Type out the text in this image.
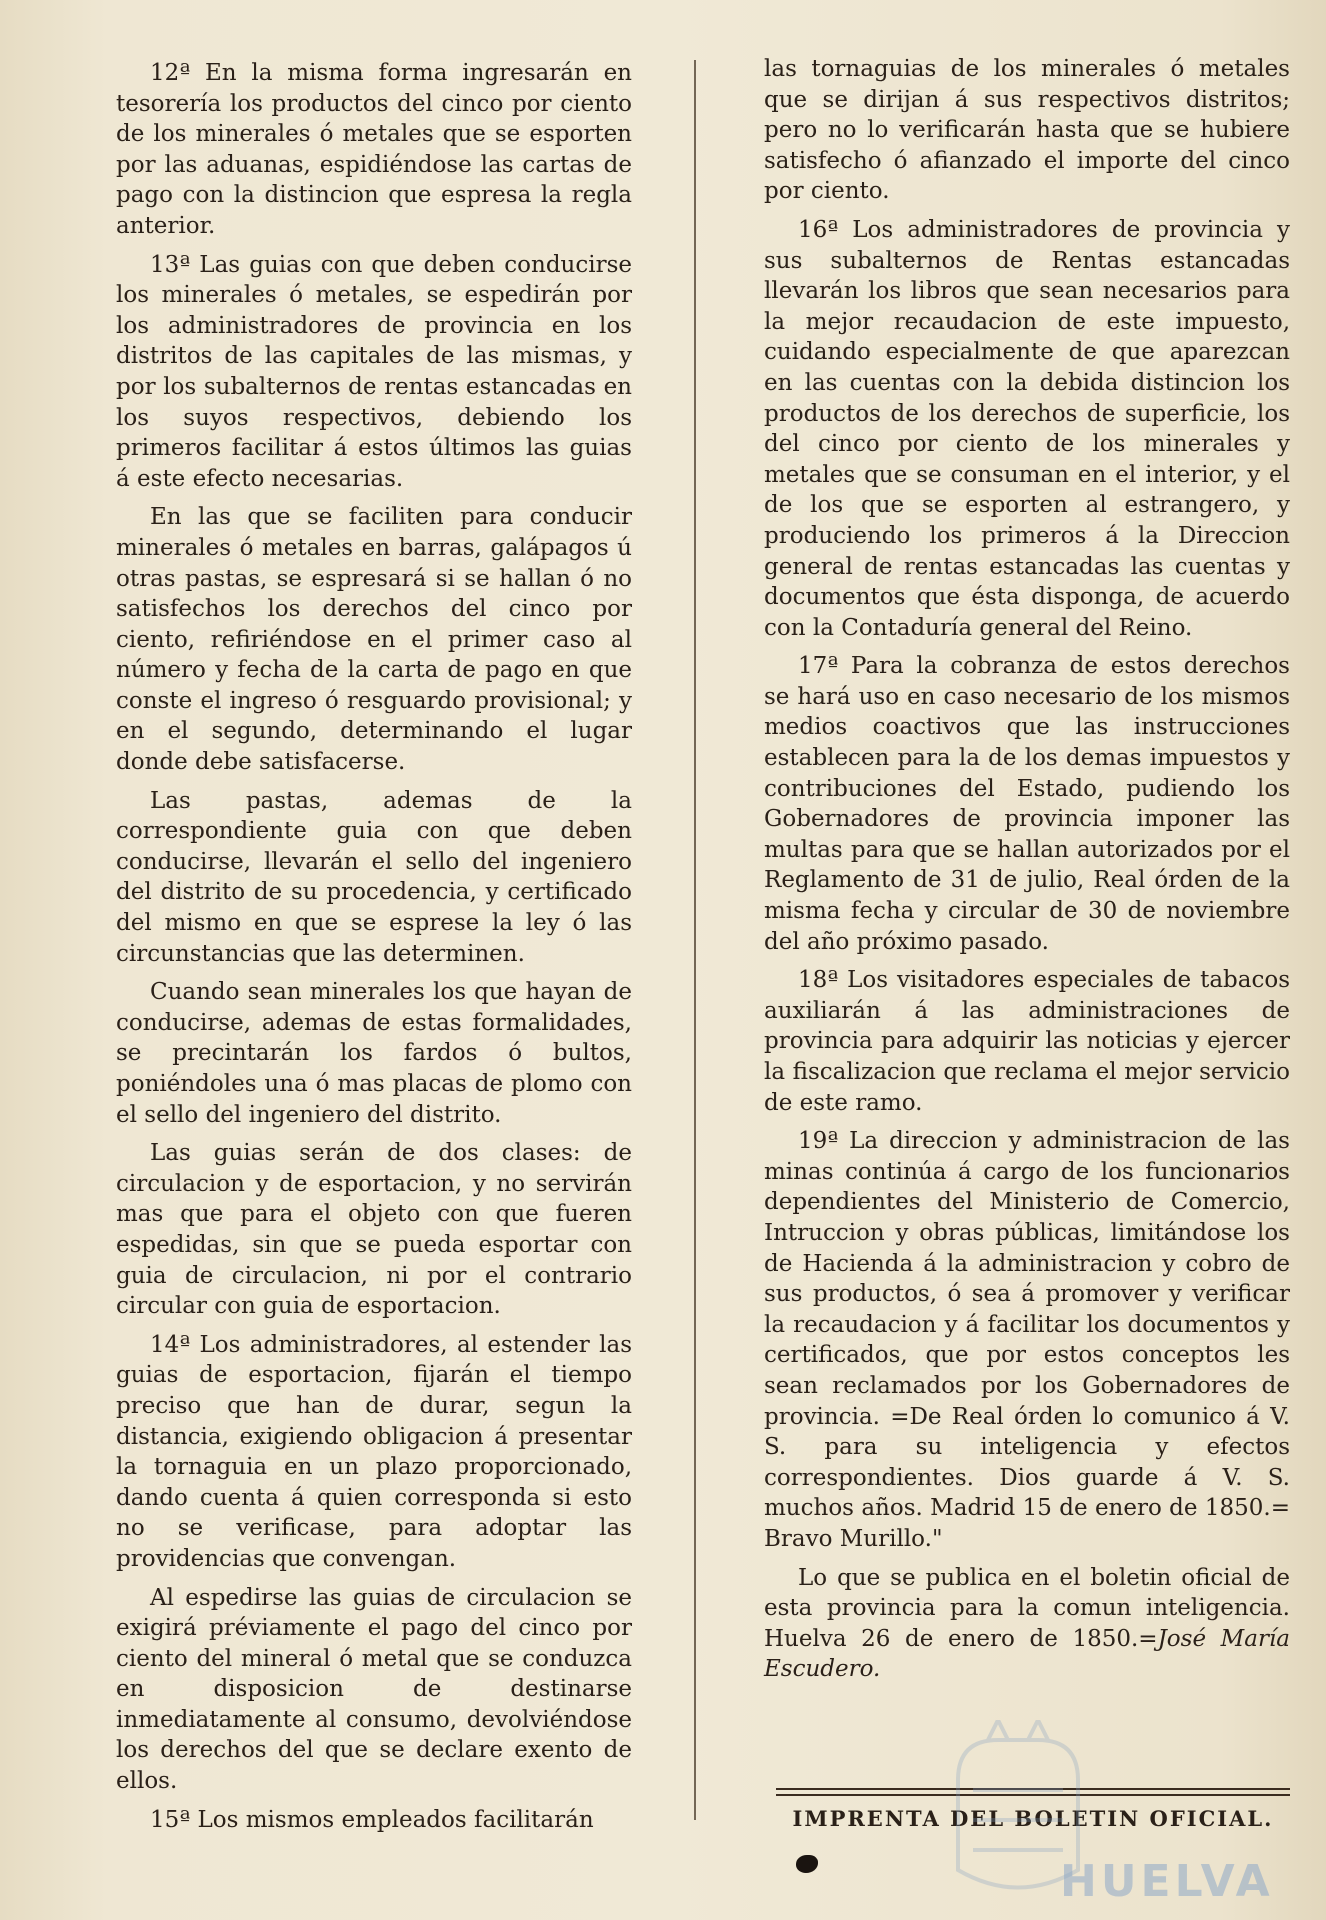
12ª En la misma forma ingresarán en tesorería los productos del cinco por ciento de los minerales ó metales que se esporten por las aduanas, espidiéndose las cartas de pago con la distincion que espresa la regla anterior.

13ª Las guias con que deben conducirse los minerales ó metales, se espedirán por los administradores de provincia en los distritos de las capitales de las mismas, y por los subalternos de rentas estancadas en los suyos respectivos, debiendo los primeros facilitar á estos últimos las guias á este efecto necesarias.

En las que se faciliten para conducir minerales ó metales en barras, galápagos ú otras pastas, se espresará si se hallan ó no satisfechos los derechos del cinco por ciento, refiriéndose en el primer caso al número y fecha de la carta de pago en que conste el ingreso ó resguardo provisional; y en el segundo, determinando el lugar donde debe satisfacerse.

Las pastas, ademas de la correspondiente guia con que deben conducirse, llevarán el sello del ingeniero del distrito de su procedencia, y certificado del mismo en que se esprese la ley ó las circunstancias que las determinen.

Cuando sean minerales los que hayan de conducirse, ademas de estas formalidades, se precintarán los fardos ó bultos, poniéndoles una ó mas placas de plomo con el sello del ingeniero del distrito.

Las guias serán de dos clases: de circulacion y de esportacion, y no servirán mas que para el objeto con que fueren espedidas, sin que se pueda esportar con guia de circulacion, ni por el contrario circular con guia de esportacion.

14ª Los administradores, al estender las guias de esportacion, fijarán el tiempo preciso que han de durar, segun la distancia, exigiendo obligacion á presentar la tornaguia en un plazo proporcionado, dando cuenta á quien corresponda si esto no se verificase, para adoptar las providencias que convengan.

Al espedirse las guias de circulacion se exigirá préviamente el pago del cinco por ciento del mineral ó metal que se conduzca en disposicion de destinarse inmediatamente al consumo, devolviéndose los derechos del que se declare exento de ellos.

15ª Los mismos empleados facilitarán

las tornaguias de los minerales ó metales que se dirijan á sus respectivos distritos; pero no lo verificarán hasta que se hubiere satisfecho ó afianzado el importe del cinco por ciento.

16ª Los administradores de provincia y sus subalternos de Rentas estancadas llevarán los libros que sean necesarios para la mejor recaudacion de este impuesto, cuidando especialmente de que aparezcan en las cuentas con la debida distincion los productos de los derechos de superficie, los del cinco por ciento de los minerales y metales que se consuman en el interior, y el de los que se esporten al estrangero, y produciendo los primeros á la Direccion general de rentas estancadas las cuentas y documentos que ésta disponga, de acuerdo con la Contaduría general del Reino.

17ª Para la cobranza de estos derechos se hará uso en caso necesario de los mismos medios coactivos que las instrucciones establecen para la de los demas impuestos y contribuciones del Estado, pudiendo los Gobernadores de provincia imponer las multas para que se hallan autorizados por el Reglamento de 31 de julio, Real órden de la misma fecha y circular de 30 de noviembre del año próximo pasado.

18ª Los visitadores especiales de tabacos auxiliarán á las administraciones de provincia para adquirir las noticias y ejercer la fiscalizacion que reclama el mejor servicio de este ramo.

19ª La direccion y administracion de las minas continúa á cargo de los funcionarios dependientes del Ministerio de Comercio, Intruccion y obras públicas, limitándose los de Hacienda á la administracion y cobro de sus productos, ó sea á promover y verificar la recaudacion y á facilitar los documentos y certificados, que por estos conceptos les sean reclamados por los Gobernadores de provincia. =De Real órden lo comunico á V. S. para su inteligencia y efectos correspondientes. Dios guarde á V. S. muchos años. Madrid 15 de enero de 1850.= Bravo Murillo."

Lo que se publica en el boletin oficial de esta provincia para la comun inteligencia. Huelva 26 de enero de 1850.=José María Escudero.

IMPRENTA DEL BOLETIN OFICIAL.
HUELVA
